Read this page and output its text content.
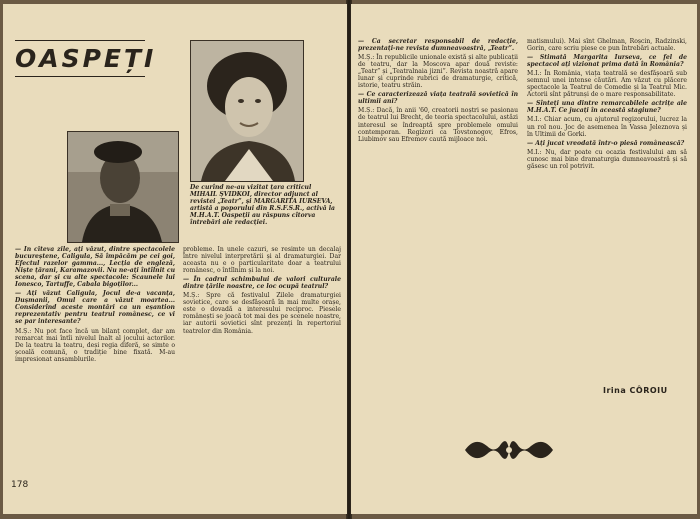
OASPEȚI
De curînd ne-au vizitat țara criticul MIHAIL ȘVIDKOI, director adjunct al revistei „Teatr”, și MARGARITA IURSEVA, artistă a poporului din R.S.F.S.R., activă la M.H.A.T. Oaspeții au răspuns cîtorva întrebări ale redacției.

— În cîteva zile, ați văzut, dintre spectacolele bucureștene, Caligula, Să împăcăm pe cei goi, Efectul razelor gamma..., Lecția de engleză, Niște țărani, Karamazovii. Nu ne-ați întîlnit cu scena, dar și cu alte spectacole: Scaunele lui Ionesco, Tartuffe, Cabala bigoților...

— Ați văzut Caligula, Jocul de-a vacanța, Dușmanii, Omul care a văzut moartea... Considerînd aceste montări ca un eșantion reprezentativ pentru teatrul românesc, ce vi se par interesante?

M.Ș.: Nu pot face încă un bilanț complet, dar am remarcat mai întîi nivelul înalt al jocului actorilor. De la teatru la teatru, deși regia diferă, se simte o școală comună, o tradiție bine fixată. M-au impresionat ansamblurile.

probleme. În unele cazuri, se resimte un decalaj între nivelul interpretării și al dramaturgiei. Dar aceasta nu e o particularitate doar a teatrului românesc, o întîlnim și la noi.

— În cadrul schimbului de valori culturale dintre țările noastre, ce loc ocupă teatrul?

M.Ș.: Spre că festivalul Zilele dramaturgiei sovietice, care se desfășoară în mai multe orașe, este o dovadă a interesului reciproc. Piesele românești se joacă tot mai des pe scenele noastre, iar autorii sovietici sînt prezenți în repertoriul teatrelor din România.

178

— Ca secretar responsabil de redacție, prezentați-ne revista dumneavoastră, „Teatr”.

M.Ș.: În republicile unionale există și alte publicații de teatru, dar la Moscova apar două reviste: „Teatr” și „Teatralnaia jizni”. Revista noastră apare lunar și cuprinde rubrici de dramaturgie, critică, istorie, teatru străin.

— Ce caracterizează viața teatrală sovietică în ultimii ani?

M.Ș.: Dacă, în anii '60, creatorii noștri se pasionau de teatrul lui Brecht, de teoria spectacolului, astăzi interesul se îndreaptă spre problemele omului contemporan. Regizori ca Tovstonogov, Efros, Liubimov sau Efremov caută mijloace noi.

matismului). Mai sînt Ghelman, Roșcin, Radzinski, Gorin, care scriu piese ce pun întrebări actuale.

— Stimată Margarita Iurseva, ce fel de spectacol ați vizionat prima dată în România?

M.I.: În România, viața teatrală se desfășoară sub semnul unei intense căutări. Am văzut cu plăcere spectacole la Teatrul de Comedie și la Teatrul Mic. Actorii sînt pătrunși de o mare responsabilitate.

— Sînteți una dintre remarcabilele actrițe ale M.H.A.T. Ce jucați în această stagiune?

M.I.: Chiar acum, cu ajutorul regizorului, lucrez la un rol nou. Joc de asemenea în Vassa Jeleznova și în Ultimii de Gorki.

— Ați jucat vreodată într-o piesă românească?

M.I.: Nu, dar poate cu ocazia festivalului am să cunosc mai bine dramaturgia dumneavoastră și să găsesc un rol potrivit.

Irina CÔROIU
